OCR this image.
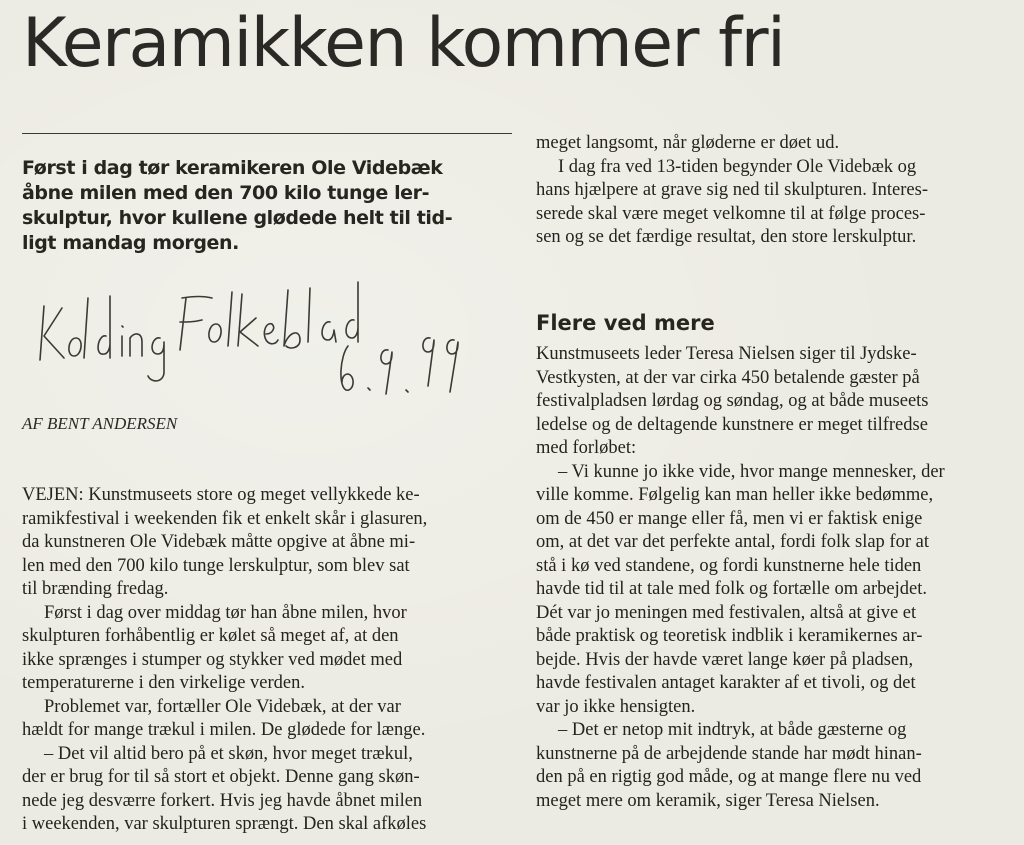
Keramikken kommer fri
Først i dag tør keramikeren Ole Videbæk
åbne milen med den 700 kilo tunge ler-
skulptur, hvor kullene glødede helt til tid-
ligt mandag morgen.

AF BENT ANDERSEN

VEJEN: Kunstmuseets store og meget vellykkede ke-
ramikfestival i weekenden fik et enkelt skår i glasuren,
da kunstneren Ole Videbæk måtte opgive at åbne mi-
len med den 700 kilo tunge lerskulptur, som blev sat
til brænding fredag.
Først i dag over middag tør han åbne milen, hvor
skulpturen forhåbentlig er kølet så meget af, at den
ikke sprænges i stumper og stykker ved mødet med
temperaturerne i den virkelige verden.
Problemet var, fortæller Ole Videbæk, at der var
hældt for mange trækul i milen. De glødede for længe.
– Det vil altid bero på et skøn, hvor meget trækul,
der er brug for til så stort et objekt. Denne gang skøn-
nede jeg desværre forkert. Hvis jeg havde åbnet milen
i weekenden, var skulpturen sprængt. Den skal afkøles
meget langsomt, når gløderne er døet ud.
I dag fra ved 13-tiden begynder Ole Videbæk og
hans hjælpere at grave sig ned til skulpturen. Interes-
serede skal være meget velkomne til at følge proces-
sen og se det færdige resultat, den store lerskulptur.
Flere ved mere
Kunstmuseets leder Teresa Nielsen siger til Jydske-
Vestkysten, at der var cirka 450 betalende gæster på
festivalpladsen lørdag og søndag, og at både museets
ledelse og de deltagende kunstnere er meget tilfredse
med forløbet:
– Vi kunne jo ikke vide, hvor mange mennesker, der
ville komme. Følgelig kan man heller ikke bedømme,
om de 450 er mange eller få, men vi er faktisk enige
om, at det var det perfekte antal, fordi folk slap for at
stå i kø ved standene, og fordi kunstnerne hele tiden
havde tid til at tale med folk og fortælle om arbejdet.
Dét var jo meningen med festivalen, altså at give et
både praktisk og teoretisk indblik i keramikernes ar-
bejde. Hvis der havde været lange køer på pladsen,
havde festivalen antaget karakter af et tivoli, og det
var jo ikke hensigten.
– Det er netop mit indtryk, at både gæsterne og
kunstnerne på de arbejdende stande har mødt hinan-
den på en rigtig god måde, og at mange flere nu ved
meget mere om keramik, siger Teresa Nielsen.
